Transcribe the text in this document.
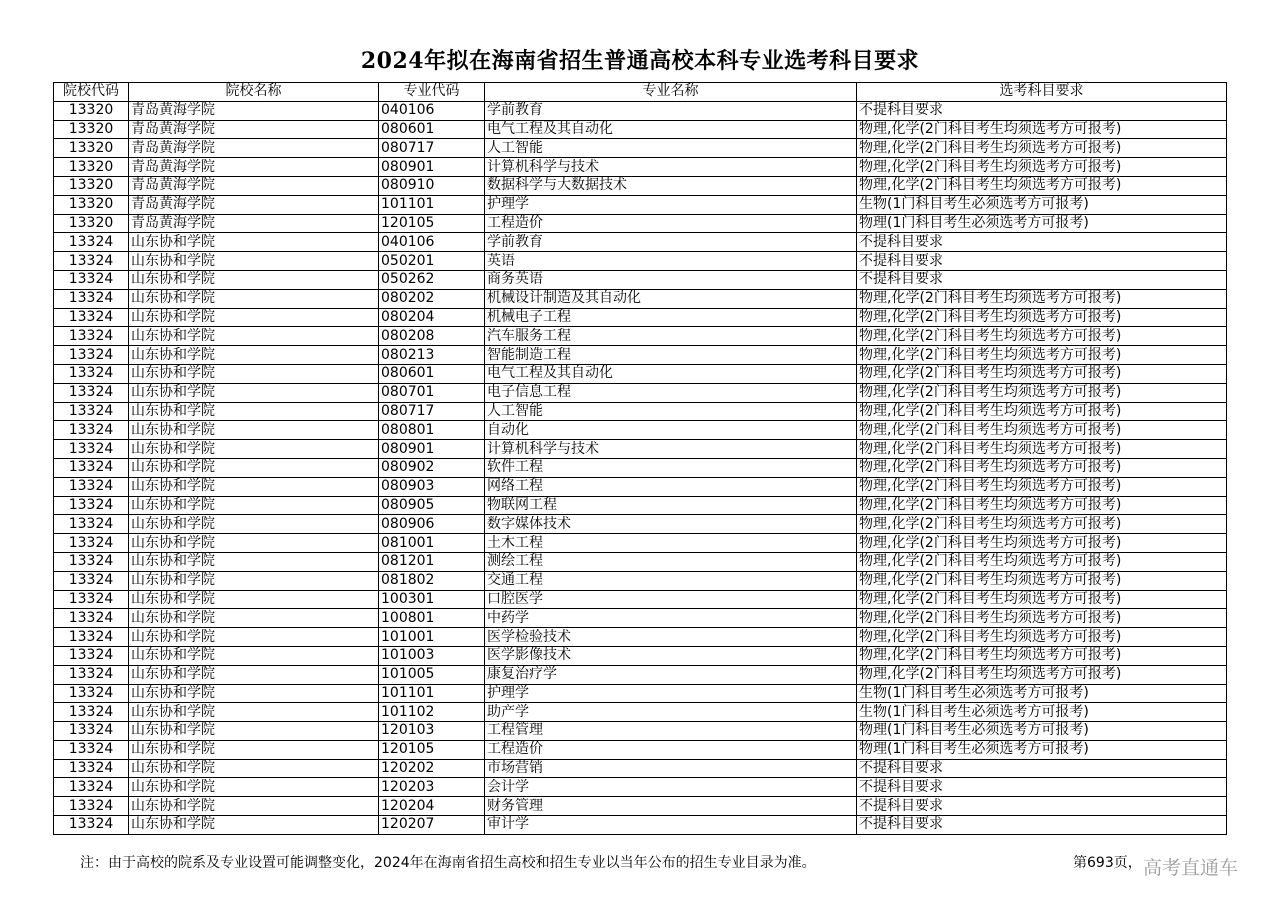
2024年拟在海南省招生普通高校本科专业选考科目要求
院校代码	院校名称	专业代码	专业名称	选考科目要求
13320	青岛黄海学院	040106	学前教育	不提科目要求
13320	青岛黄海学院	080601	电气工程及其自动化	物理,化学(2门科目考生均须选考方可报考)
13320	青岛黄海学院	080717	人工智能	物理,化学(2门科目考生均须选考方可报考)
13320	青岛黄海学院	080901	计算机科学与技术	物理,化学(2门科目考生均须选考方可报考)
13320	青岛黄海学院	080910	数据科学与大数据技术	物理,化学(2门科目考生均须选考方可报考)
13320	青岛黄海学院	101101	护理学	生物(1门科目考生必须选考方可报考)
13320	青岛黄海学院	120105	工程造价	物理(1门科目考生必须选考方可报考)
13324	山东协和学院	040106	学前教育	不提科目要求
13324	山东协和学院	050201	英语	不提科目要求
13324	山东协和学院	050262	商务英语	不提科目要求
13324	山东协和学院	080202	机械设计制造及其自动化	物理,化学(2门科目考生均须选考方可报考)
13324	山东协和学院	080204	机械电子工程	物理,化学(2门科目考生均须选考方可报考)
13324	山东协和学院	080208	汽车服务工程	物理,化学(2门科目考生均须选考方可报考)
13324	山东协和学院	080213	智能制造工程	物理,化学(2门科目考生均须选考方可报考)
13324	山东协和学院	080601	电气工程及其自动化	物理,化学(2门科目考生均须选考方可报考)
13324	山东协和学院	080701	电子信息工程	物理,化学(2门科目考生均须选考方可报考)
13324	山东协和学院	080717	人工智能	物理,化学(2门科目考生均须选考方可报考)
13324	山东协和学院	080801	自动化	物理,化学(2门科目考生均须选考方可报考)
13324	山东协和学院	080901	计算机科学与技术	物理,化学(2门科目考生均须选考方可报考)
13324	山东协和学院	080902	软件工程	物理,化学(2门科目考生均须选考方可报考)
13324	山东协和学院	080903	网络工程	物理,化学(2门科目考生均须选考方可报考)
13324	山东协和学院	080905	物联网工程	物理,化学(2门科目考生均须选考方可报考)
13324	山东协和学院	080906	数字媒体技术	物理,化学(2门科目考生均须选考方可报考)
13324	山东协和学院	081001	土木工程	物理,化学(2门科目考生均须选考方可报考)
13324	山东协和学院	081201	测绘工程	物理,化学(2门科目考生均须选考方可报考)
13324	山东协和学院	081802	交通工程	物理,化学(2门科目考生均须选考方可报考)
13324	山东协和学院	100301	口腔医学	物理,化学(2门科目考生均须选考方可报考)
13324	山东协和学院	100801	中药学	物理,化学(2门科目考生均须选考方可报考)
13324	山东协和学院	101001	医学检验技术	物理,化学(2门科目考生均须选考方可报考)
13324	山东协和学院	101003	医学影像技术	物理,化学(2门科目考生均须选考方可报考)
13324	山东协和学院	101005	康复治疗学	物理,化学(2门科目考生均须选考方可报考)
13324	山东协和学院	101101	护理学	生物(1门科目考生必须选考方可报考)
13324	山东协和学院	101102	助产学	生物(1门科目考生必须选考方可报考)
13324	山东协和学院	120103	工程管理	物理(1门科目考生必须选考方可报考)
13324	山东协和学院	120105	工程造价	物理(1门科目考生必须选考方可报考)
13324	山东协和学院	120202	市场营销	不提科目要求
13324	山东协和学院	120203	会计学	不提科目要求
13324	山东协和学院	120204	财务管理	不提科目要求
13324	山东协和学院	120207	审计学	不提科目要求
注：由于高校的院系及专业设置可能调整变化，2024年在海南省招生高校和招生专业以当年公布的招生专业目录为准。	第693页， 高考直通车
